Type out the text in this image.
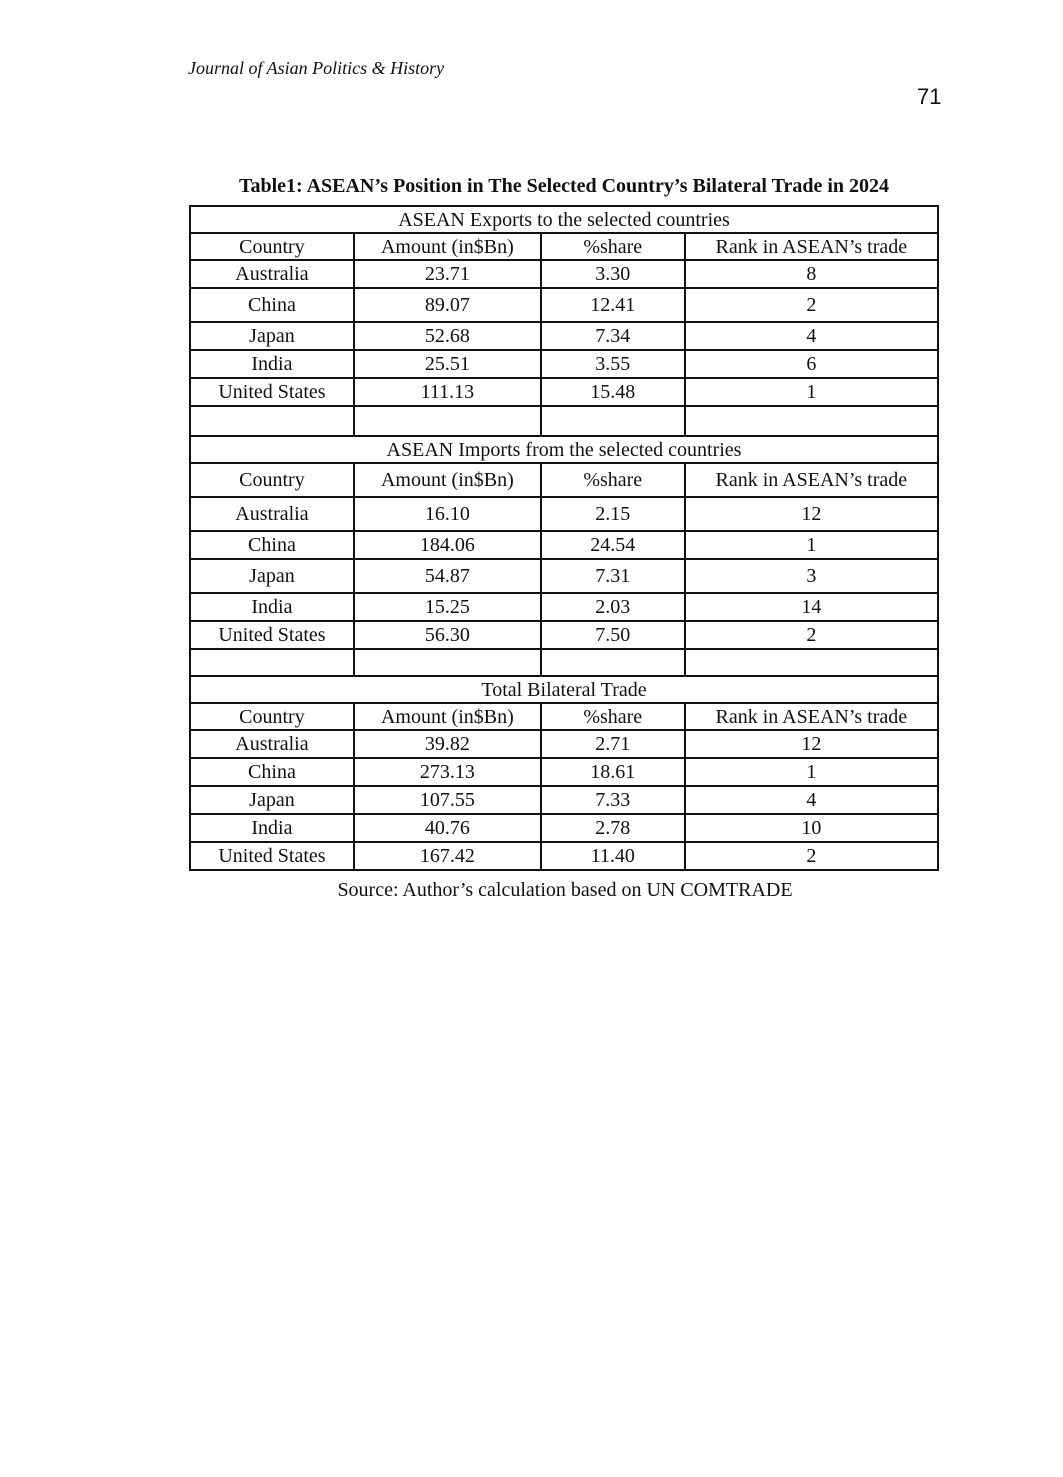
Journal of Asian Politics & History
71
Table1: ASEAN’s Position in The Selected Country’s Bilateral Trade in 2024
ASEAN Exports to the selected countries			
Country	Amount (in$Bn)	%share	Rank in ASEAN’s trade
Australia	23.71	3.30	8
China	89.07	12.41	2
Japan	52.68	7.34	4
India	25.51	3.55	6
United States	111.13	15.48	1

ASEAN Imports from the selected countries			
Country	Amount (in$Bn)	%share	Rank in ASEAN’s trade
Australia	16.10	2.15	12
China	184.06	24.54	1
Japan	54.87	7.31	3
India	15.25	2.03	14
United States	56.30	7.50	2

Total Bilateral Trade			
Country	Amount (in$Bn)	%share	Rank in ASEAN’s trade
Australia	39.82	2.71	12
China	273.13	18.61	1
Japan	107.55	7.33	4
India	40.76	2.78	10
United States	167.42	11.40	2
Source: Author’s calculation based on UN COMTRADE
